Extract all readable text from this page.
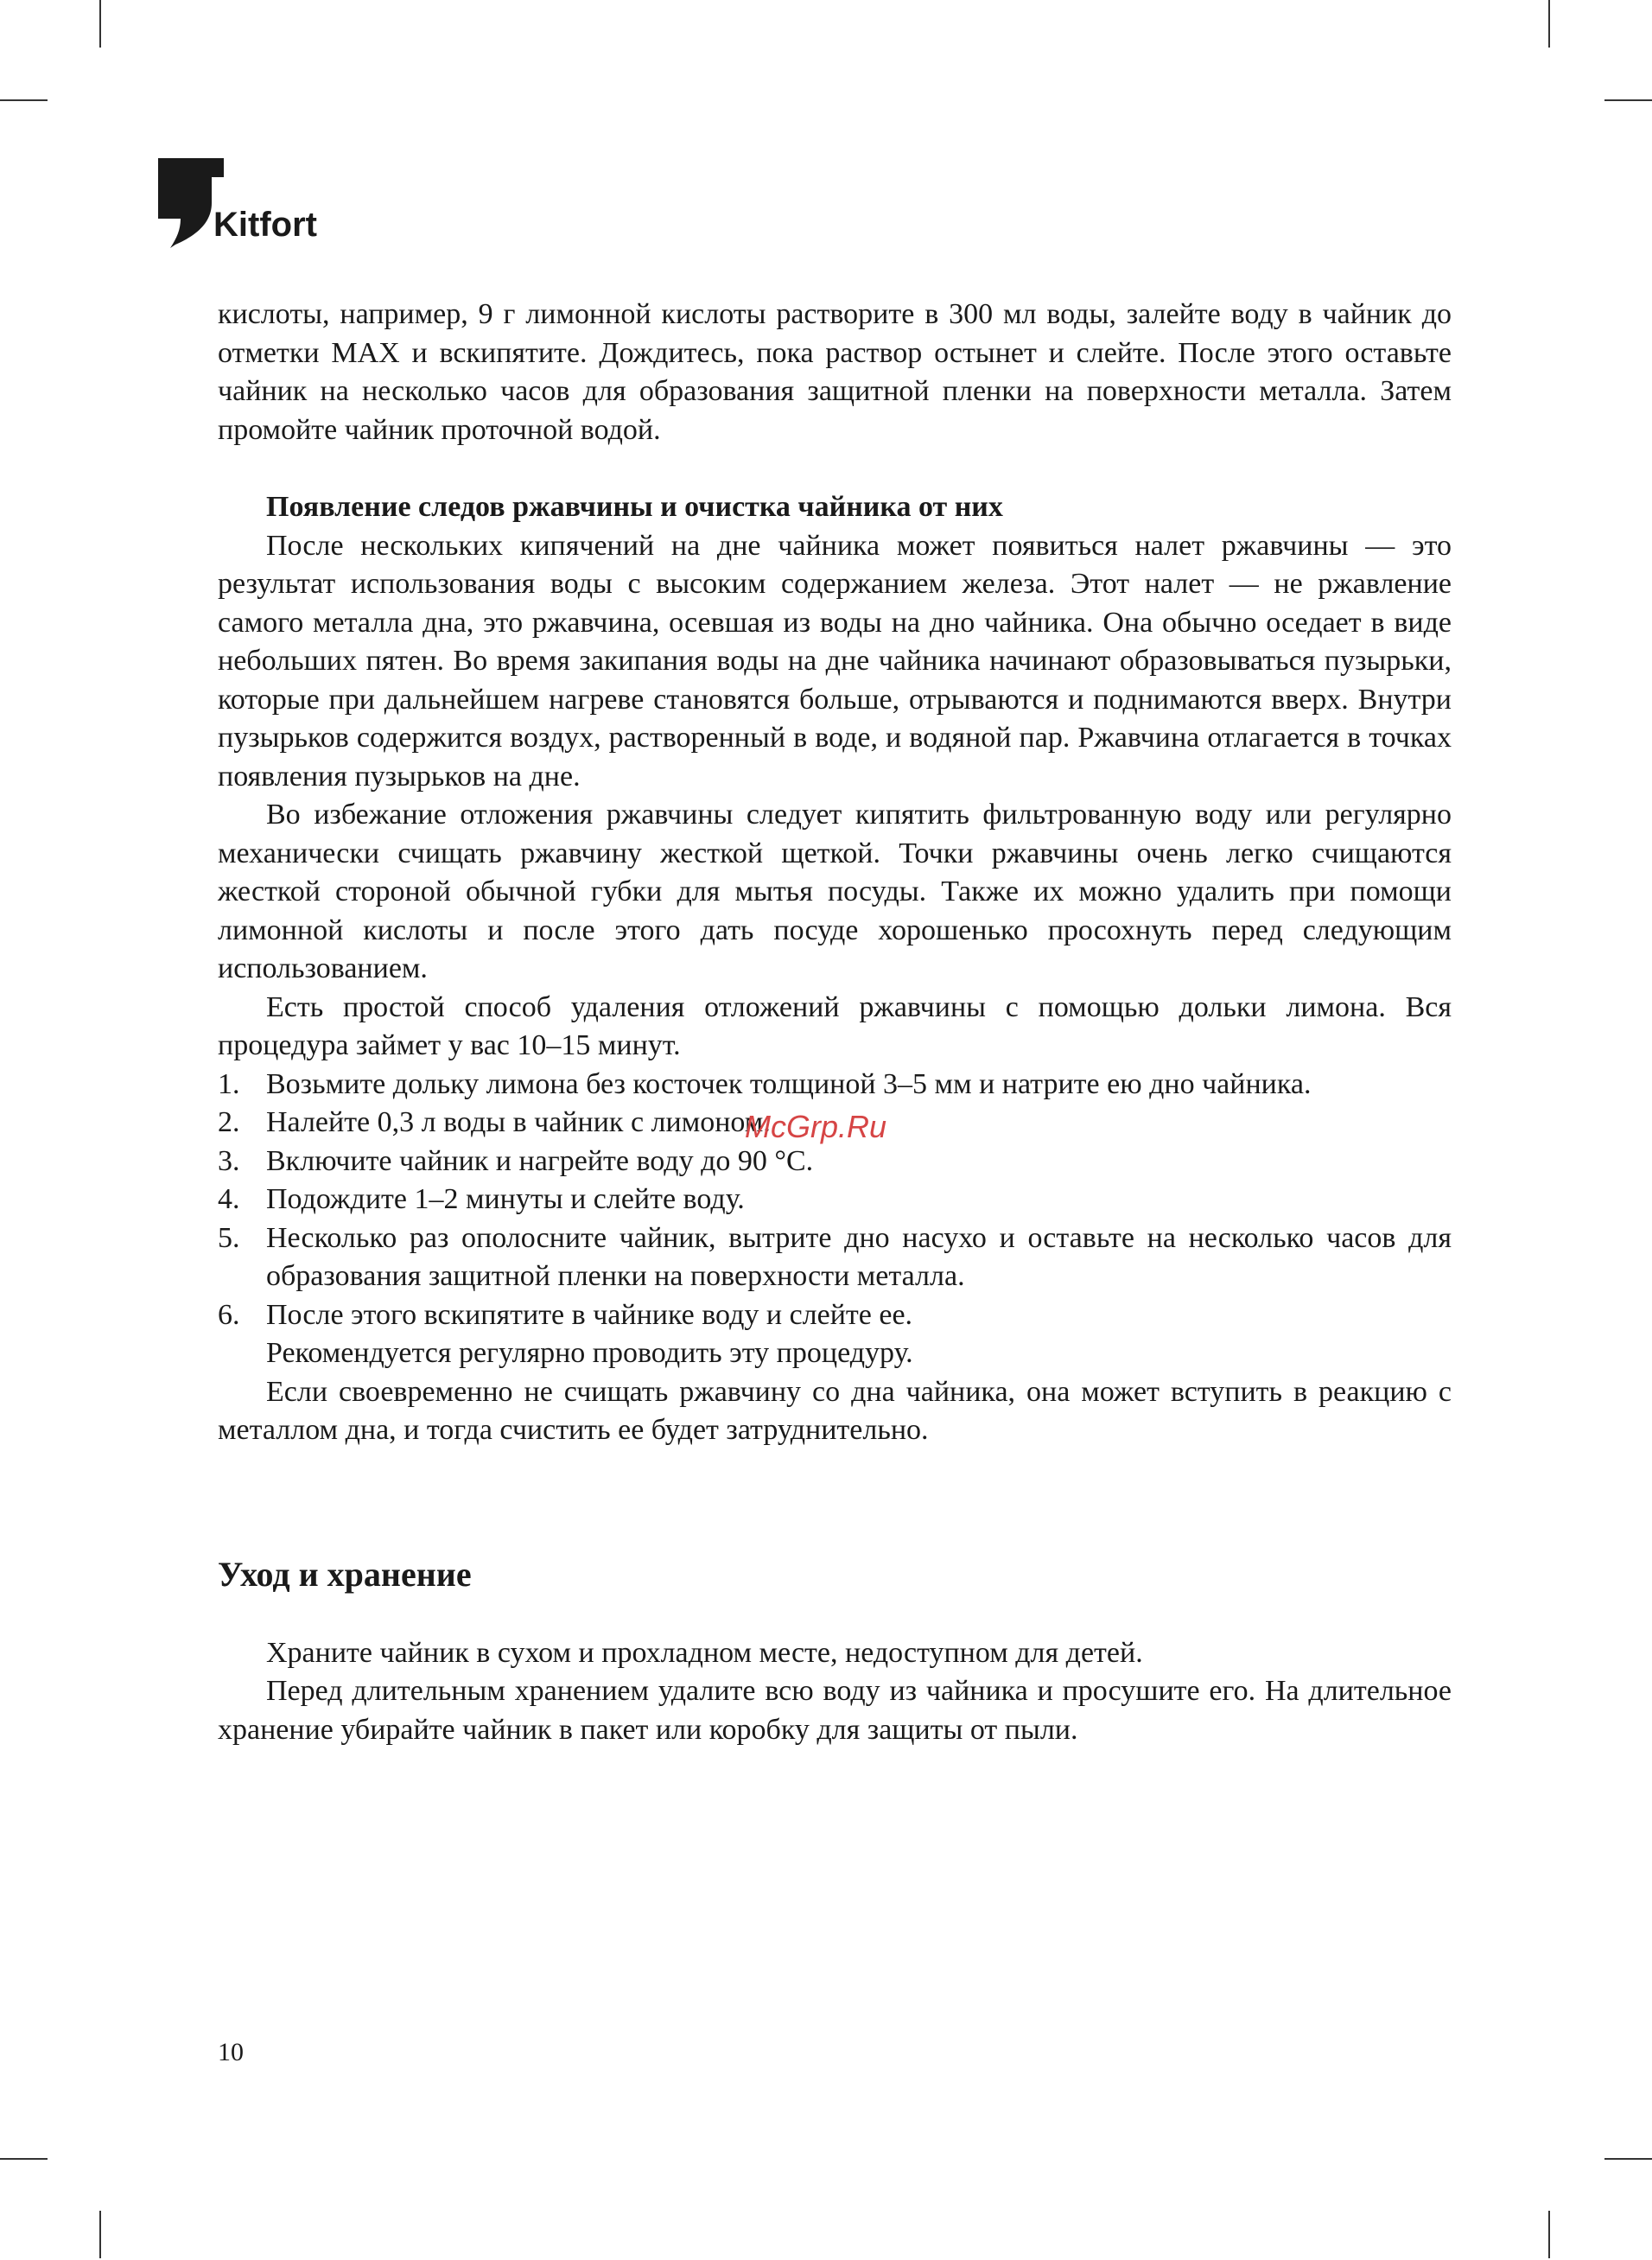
Kitfort

кислоты, например, 9 г лимонной кислоты растворите в 300 мл воды, залейте воду в чайник до отметки МАХ и вскипятите. Дождитесь, пока раствор остынет и слейте. После этого оставьте чайник на несколько часов для образования защитной пленки на поверхности металла. Затем промойте чайник проточной водой.

Появление следов ржавчины и очистка чайника от них

После нескольких кипячений на дне чайника может появиться налет ржавчины — это результат использования воды с высоким содержанием железа. Этот налет — не ржавление самого металла дна, это ржавчина, осевшая из воды на дно чайника. Она обычно оседает в виде небольших пятен. Во время закипания воды на дне чайника начинают образовываться пузырьки, которые при дальнейшем нагреве становятся больше, отрываются и поднимаются вверх. Внутри пузырьков содержится воздух, растворенный в воде, и водяной пар. Ржавчина отлагается в точках появления пузырьков на дне.

Во избежание отложения ржавчины следует кипятить фильтрованную воду или регулярно механически счищать ржавчину жесткой щеткой. Точки ржавчины очень легко счищаются жесткой стороной обычной губки для мытья посуды. Также их можно удалить при помощи лимонной кислоты и после этого дать посуде хорошенько просохнуть перед следующим использованием.

Есть простой способ удаления отложений ржавчины с помощью дольки лимона. Вся процедура займет у вас 10–15 минут.

1. Возьмите дольку лимона без косточек толщиной 3–5 мм и натрите ею дно чайника.
2. Налейте 0,3 л воды в чайник с лимоном.
3. Включите чайник и нагрейте воду до 90 °С.
4. Подождите 1–2 минуты и слейте воду.
5. Несколько раз ополосните чайник, вытрите дно насухо и оставьте на несколько часов для образования защитной пленки на поверхности металла.
6. После этого вскипятите в чайнике воду и слейте ее.

Рекомендуется регулярно проводить эту процедуру.

Если своевременно не счищать ржавчину со дна чайника, она может вступить в реакцию с металлом дна, и тогда счистить ее будет затруднительно.

Уход и хранение

Храните чайник в сухом и прохладном месте, недоступном для детей.

Перед длительным хранением удалите всю воду из чайника и просушите его. На длительное хранение убирайте чайник в пакет или коробку для защиты от пыли.

McGrp.Ru
10
